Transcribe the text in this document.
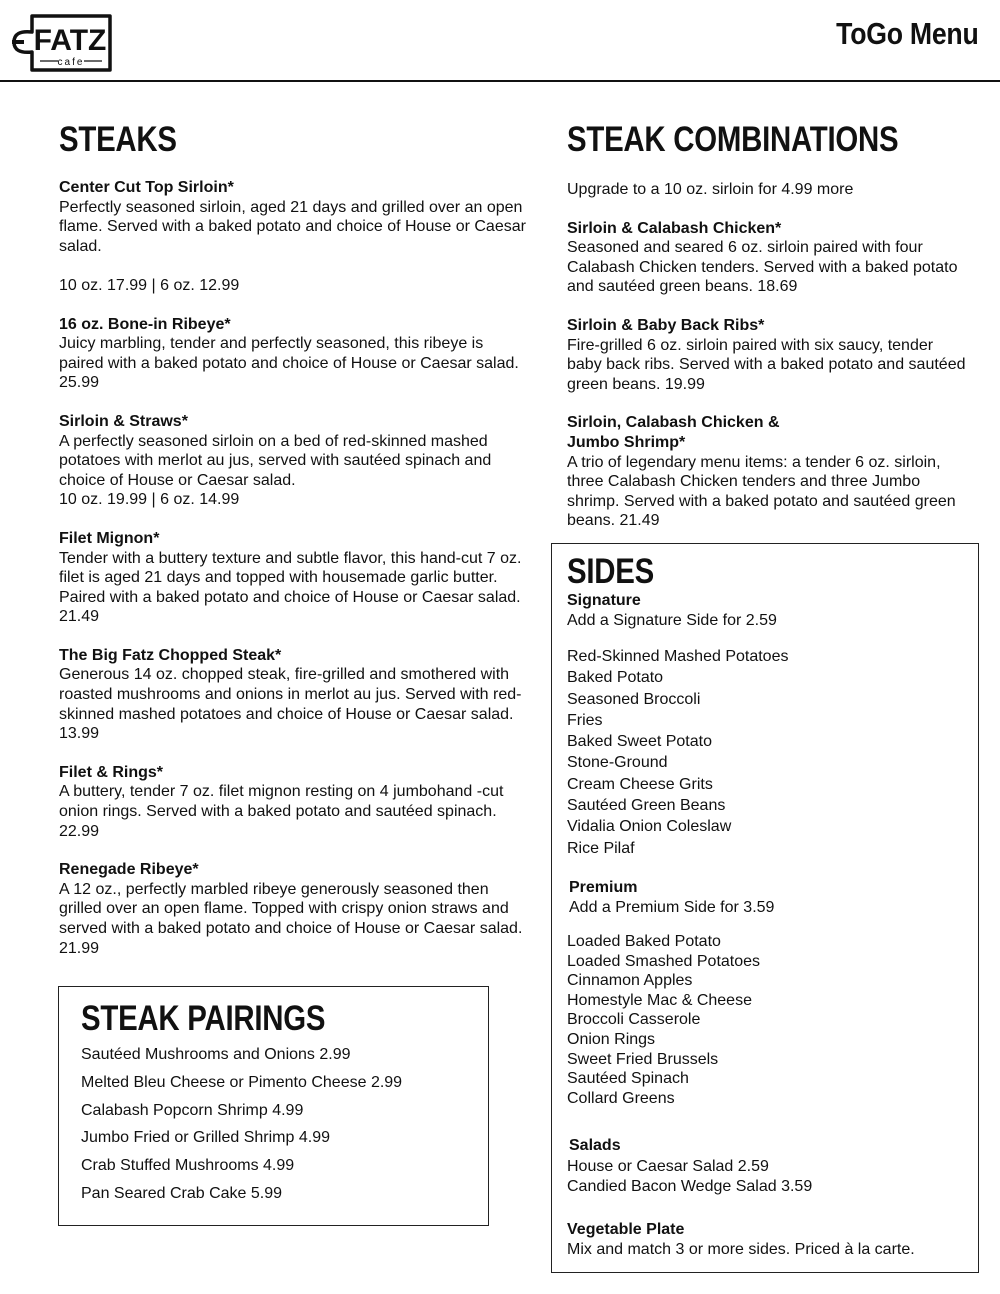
FATZ
cafe
ToGo Menu
STEAKS

Center Cut Top Sirloin*

Perfectly seasoned sirloin, aged 21 days and grilled over an open flame. Served with a baked potato and choice of House or Caesar salad.

10 oz. 17.99 | 6 oz. 12.99

16 oz. Bone-in Ribeye*

Juicy marbling, tender and perfectly seasoned, this ribeye is paired with a baked potato and choice of House or Caesar salad. 25.99

Sirloin & Straws*

A perfectly seasoned sirloin on a bed of red-skinned mashed potatoes with merlot au jus, served with sautéed spinach and choice of House or Caesar salad.

10 oz. 19.99 | 6 oz. 14.99

Filet Mignon*

Tender with a buttery texture and subtle flavor, this hand-cut 7 oz. filet is aged 21 days and topped with housemade garlic butter. Paired with a baked potato and choice of House or Caesar salad. 21.49

The Big Fatz Chopped Steak*

Generous 14 oz. chopped steak, fire-grilled and smothered with roasted mushrooms and onions in merlot au jus. Served with red-skinned mashed potatoes and choice of House or Caesar salad. 13.99

Filet & Rings*

A buttery, tender 7 oz. filet mignon resting on 4 jumbohand -cut onion rings. Served with a baked potato and sautéed spinach. 22.99

Renegade Ribeye*

A 12 oz., perfectly marbled ribeye generously seasoned then grilled over an open flame. Topped with crispy onion straws and served with a baked potato and choice of House or Caesar salad. 21.99

STEAK PAIRINGS
Sautéed Mushrooms and Onions 2.99
Melted Bleu Cheese or Pimento Cheese 2.99
Calabash Popcorn Shrimp 4.99
Jumbo Fried or Grilled Shrimp 4.99
Crab Stuffed Mushrooms 4.99
Pan Seared Crab Cake 5.99
STEAK COMBINATIONS

Upgrade to a 10 oz. sirloin for 4.99 more

Sirloin & Calabash Chicken*

Seasoned and seared 6 oz. sirloin paired with four Calabash Chicken tenders. Served with a baked potato and sautéed green beans. 18.69

Sirloin & Baby Back Ribs*

Fire-grilled 6 oz. sirloin paired with six saucy, tender baby back ribs. Served with a baked potato and sautéed green beans. 19.99

Sirloin, Calabash Chicken & Jumbo Shrimp*

A trio of legendary menu items: a tender 6 oz. sirloin, three Calabash Chicken tenders and three Jumbo shrimp. Served with a baked potato and sautéed green beans. 21.49

SIDES
Signature
Add a Signature Side for 2.59
Red-Skinned Mashed Potatoes
Baked Potato
Seasoned Broccoli
Fries
Baked Sweet Potato
Stone-Ground
Cream Cheese Grits
Sautéed Green Beans
Vidalia Onion Coleslaw
Rice Pilaf
Premium
Add a Premium Side for 3.59
Loaded Baked Potato
Loaded Smashed Potatoes
Cinnamon Apples
Homestyle Mac & Cheese
Broccoli Casserole
Onion Rings
Sweet Fried Brussels
Sautéed Spinach
Collard Greens
Salads
House or Caesar Salad 2.59
Candied Bacon Wedge Salad 3.59
Vegetable Plate
Mix and match 3 or more sides. Priced à la carte.
